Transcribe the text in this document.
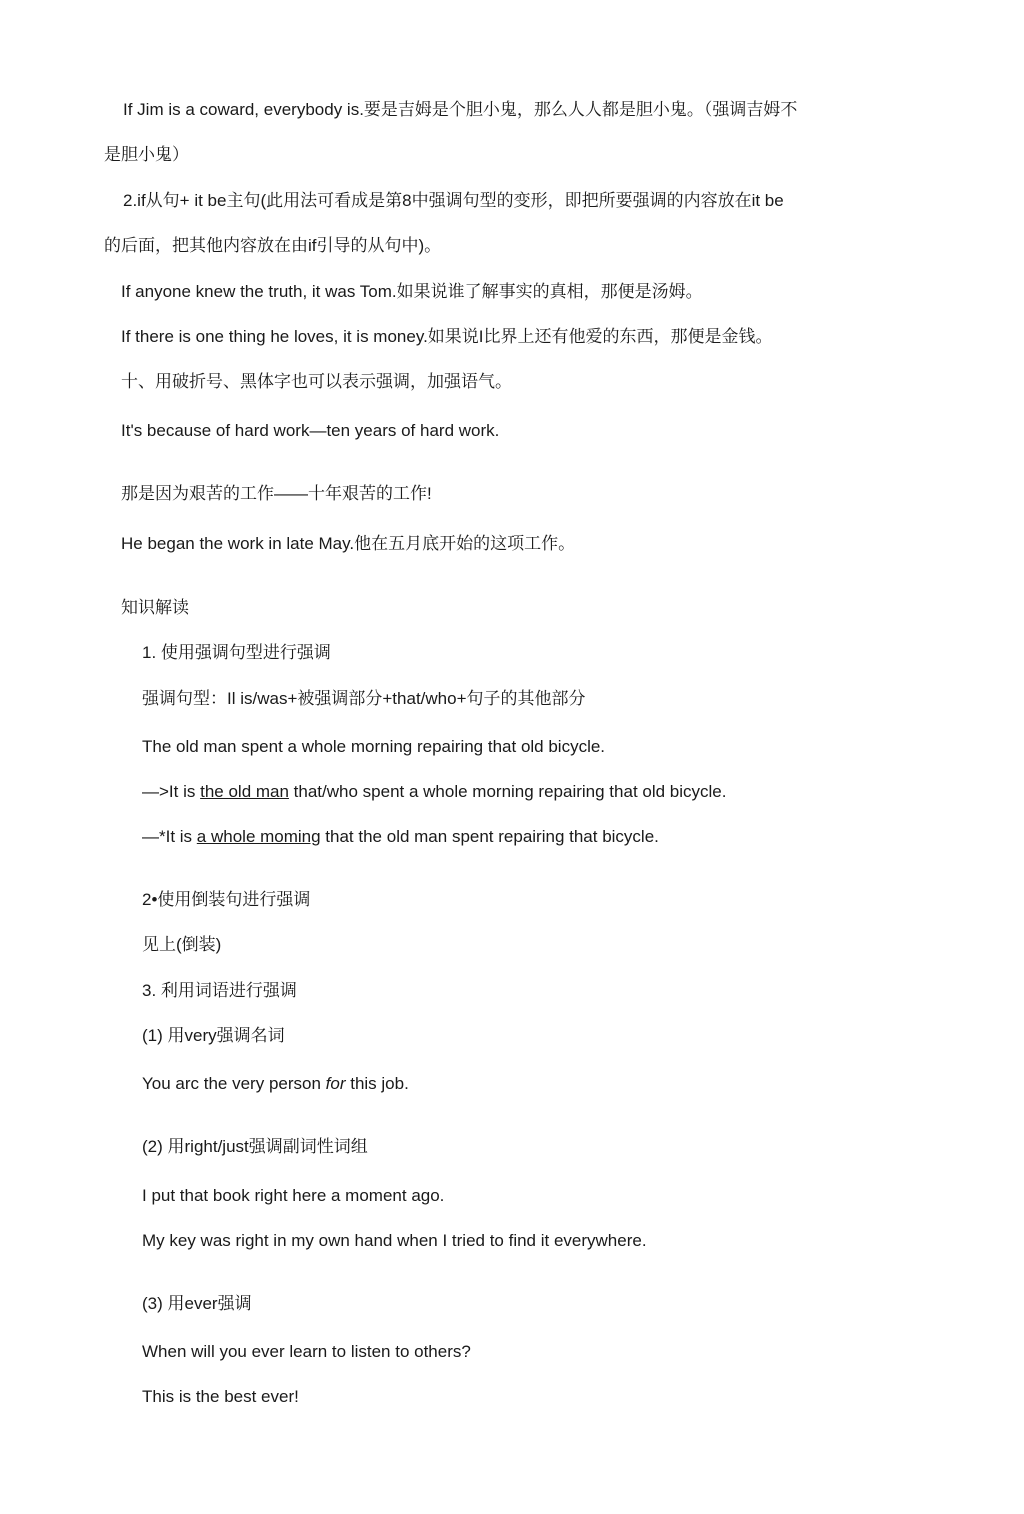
If Jim is a coward, everybody is.要是吉姆是个胆小鬼，那么人人都是胆小鬼。（强调吉姆不
是胆小鬼）
2.if从句+ it be主句(此用法可看成是第8中强调句型的变形，即把所要强调的内容放在it be
的后面，把其他内容放在由if引导的从句中)。
If anyone knew the truth, it was Tom.如果说谁了解事实的真相，那便是汤姆。
If there is one thing he loves, it is money.如果说I比界上还有他爱的东西，那便是金钱。
十、用破折号、黑体字也可以表示强调，加强语气。
It's because of hard work—ten years of hard work.
那是因为艰苦的工作——十年艰苦的工作!
He began the work in late May.他在五月底开始的这项工作。
知识解读
1. 使用强调句型进行强调
强调句型：Il is/was+被强调部分+that/who+句子的其他部分
The old man spent a whole morning repairing that old bicycle.
—>It is the old man that/who spent a whole morning repairing that old bicycle.
—*It is a whole moming that the old man spent repairing that bicycle.
2•使用倒装句进行强调
见上(倒装)
3. 利用词语进行强调
(1) 用very强调名词
You arc the very person for this job.
(2) 用right/just强调副词性词组
I put that book right here a moment ago.
My key was right in my own hand when I tried to find it everywhere.
(3) 用ever强调
When will you ever learn to listen to others?
This is the best ever!
